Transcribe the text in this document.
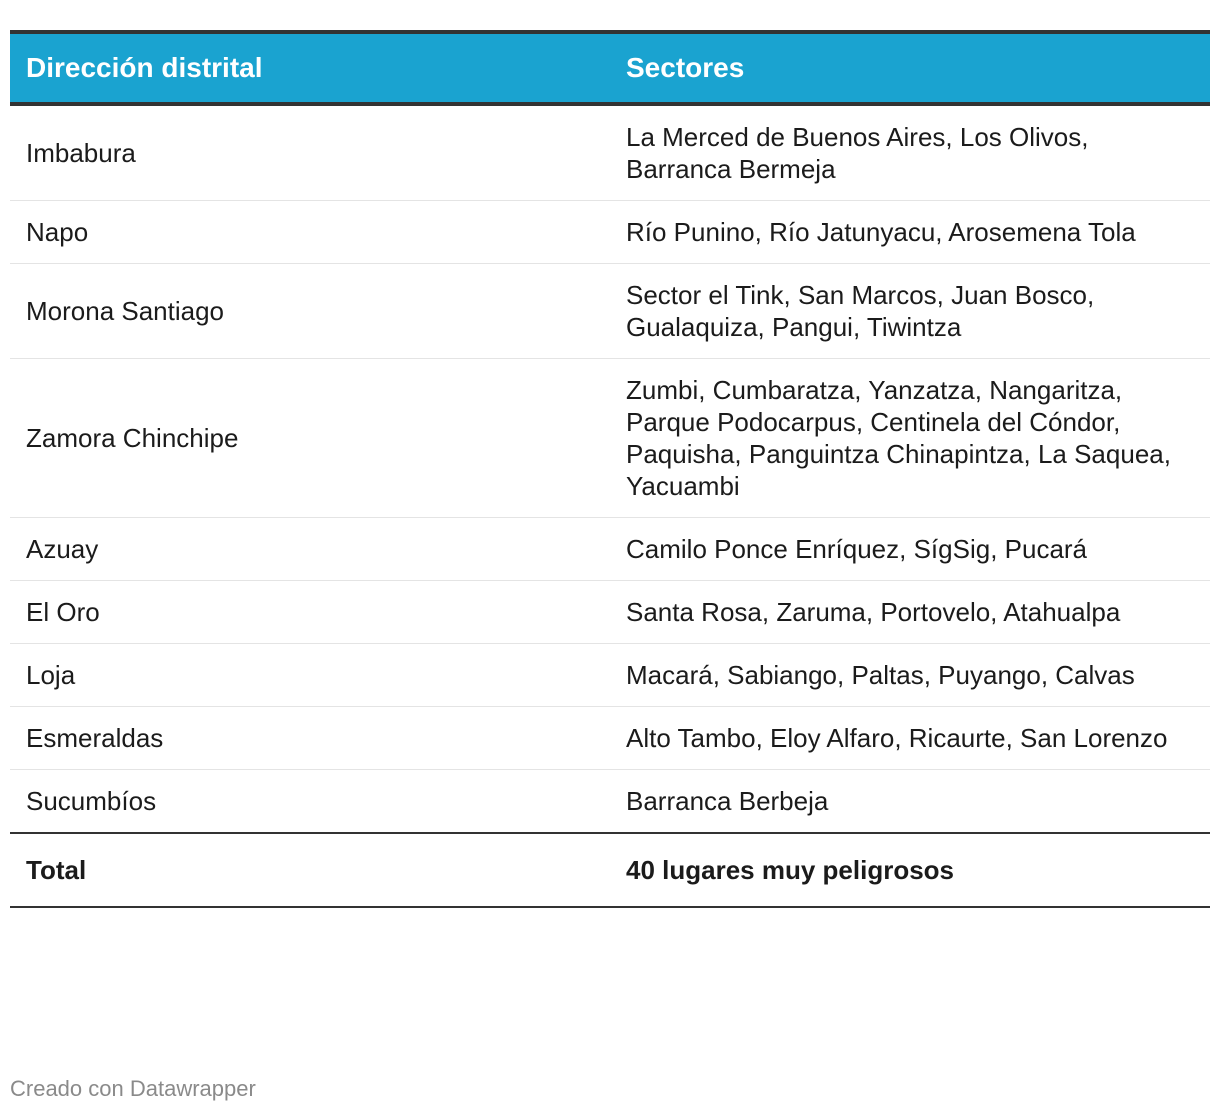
Dirección distrital	Sectores
Imbabura	La Merced de Buenos Aires, Los Olivos, Barranca Bermeja
Napo	Río Punino, Río Jatunyacu, Arosemena Tola
Morona Santiago	Sector el Tink, San Marcos, Juan Bosco, Gualaquiza, Pangui, Tiwintza
Zamora Chinchipe	Zumbi, Cumbaratza, Yanzatza, Nangaritza, Parque Podocarpus, Centinela del Cóndor, Paquisha, Panguintza Chinapintza, La Saquea, Yacuambi
Azuay	Camilo Ponce Enríquez, SígSig, Pucará
El Oro	Santa Rosa, Zaruma, Portovelo, Atahualpa
Loja	Macará, Sabiango, Paltas, Puyango, Calvas
Esmeraldas	Alto Tambo, Eloy Alfaro, Ricaurte, San Lorenzo
Sucumbíos	Barranca Berbeja
Total	40 lugares muy peligrosos
Creado con Datawrapper
